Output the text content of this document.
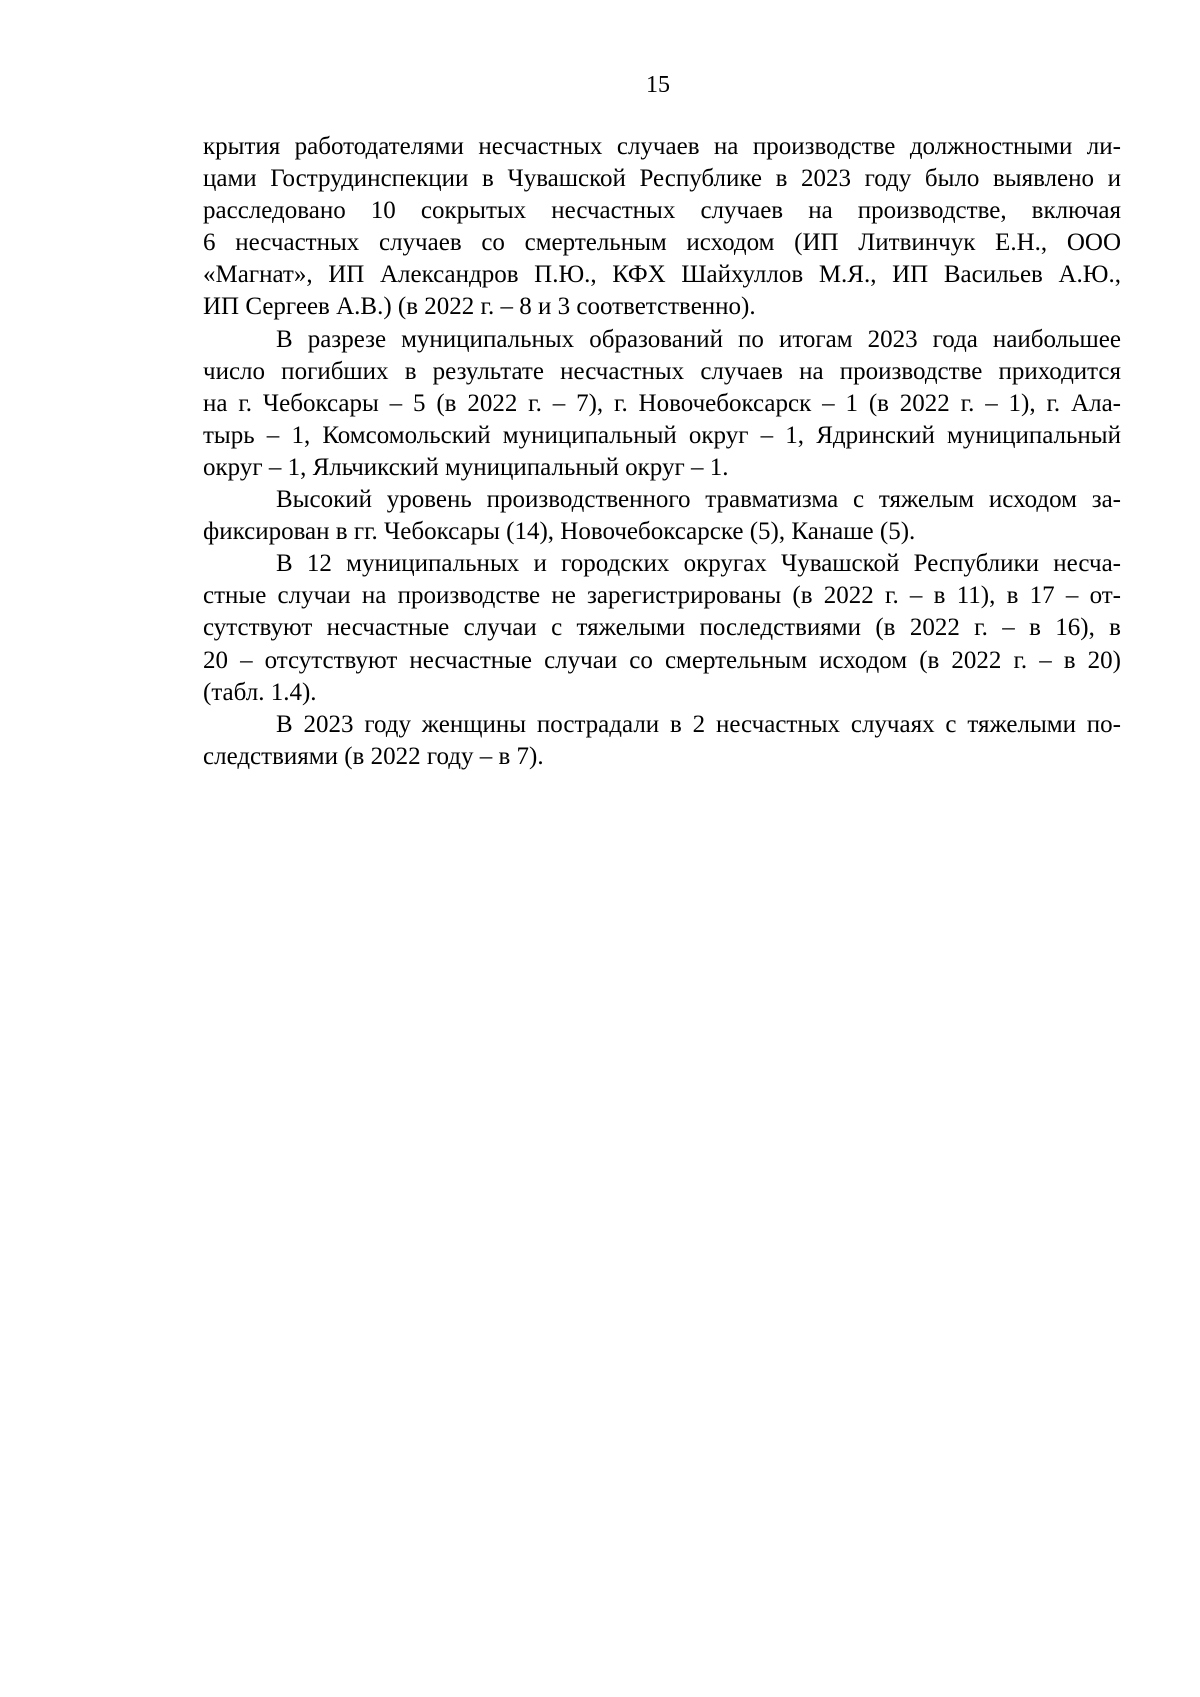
15
крытия работодателями несчастных случаев на производстве должностными ли-
цами Гострудинспекции в Чувашской Республике в 2023 году было выявлено и
расследовано 10 сокрытых несчастных случаев на производстве, включая
6 несчастных случаев со смертельным исходом (ИП Литвинчук Е.Н., ООО
«Магнат», ИП Александров П.Ю., КФХ Шайхуллов М.Я., ИП Васильев А.Ю.,
ИП Сергеев А.В.) (в 2022 г. – 8 и 3 соответственно).
В разрезе муниципальных образований по итогам 2023 года наибольшее
число погибших в результате несчастных случаев на производстве приходится
на г. Чебоксары – 5 (в 2022 г. – 7), г. Новочебоксарск – 1 (в 2022 г. – 1), г. Ала-
тырь – 1, Комсомольский муниципальный округ – 1, Ядринский муниципальный
округ – 1, Яльчикский муниципальный округ – 1.
Высокий уровень производственного травматизма с тяжелым исходом за-
фиксирован в гг. Чебоксары (14), Новочебоксарске (5), Канаше (5).
В 12 муниципальных и городских округах Чувашской Республики несча-
стные случаи на производстве не зарегистрированы (в 2022 г. – в 11), в 17 – от-
сутствуют несчастные случаи с тяжелыми последствиями (в 2022 г. – в 16), в
20 – отсутствуют несчастные случаи со смертельным исходом (в 2022 г. – в 20)
(табл. 1.4).
В 2023 году женщины пострадали в 2 несчастных случаях с тяжелыми по-
следствиями (в 2022 году – в 7).
